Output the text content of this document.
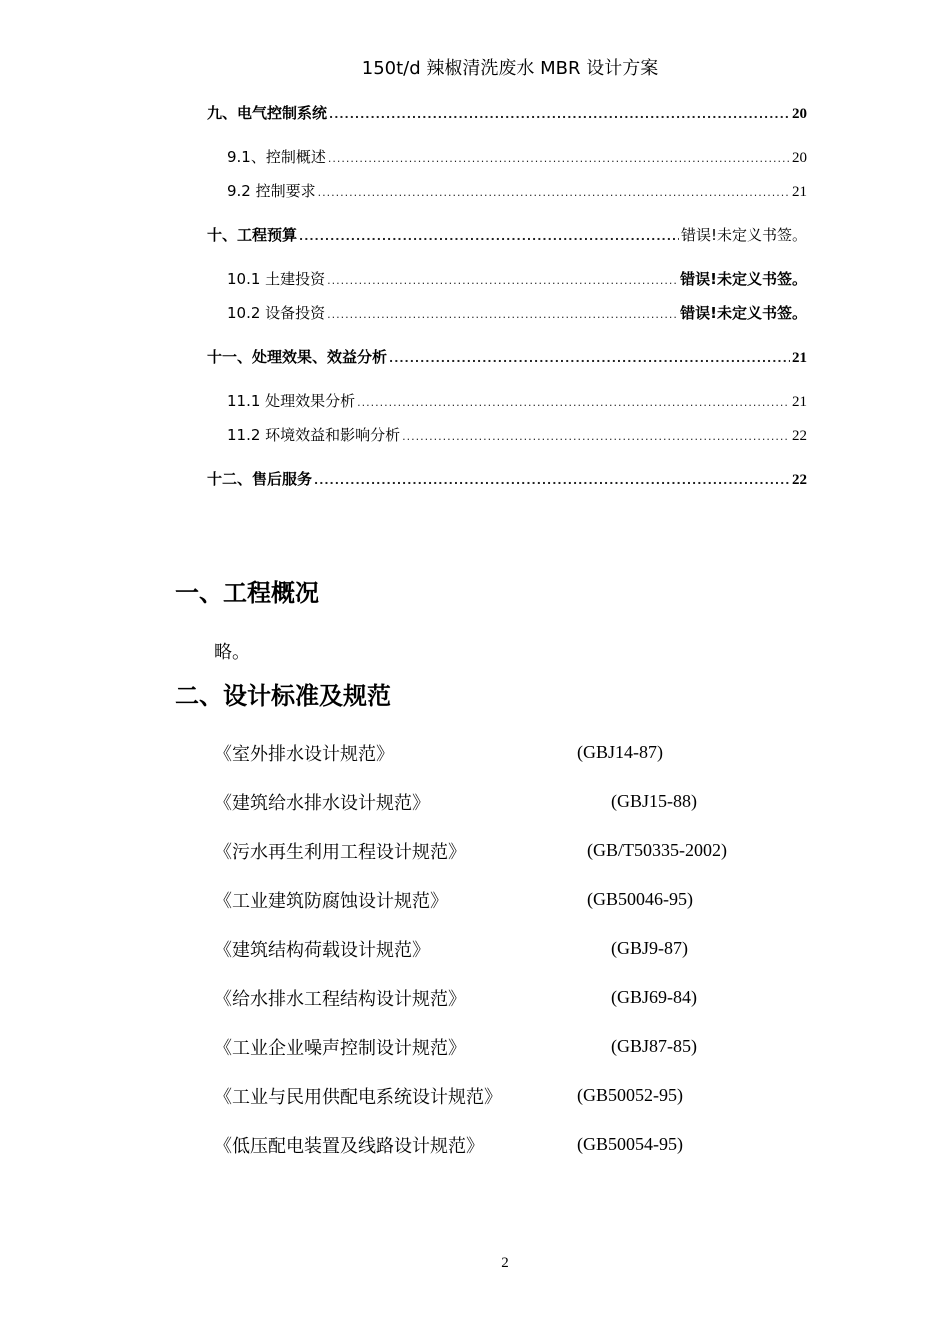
150t/d 辣椒清洗废水 MBR 设计方案
九、电气控制系统 .....	20
9.1、控制概述 .....	20
9.2 控制要求 .....	21
十、工程预算 .....	错误!未定义书签。
10.1 土建投资 .....	错误!未定义书签。
10.2 设备投资 .....	错误!未定义书签。
十一、处理效果、效益分析 .....	21
11.1 处理效果分析 .....	21
11.2 环境效益和影响分析 .....	22
十二、售后服务 .....	22
一、工程概况
略。
二、设计标准及规范
《室外排水设计规范》	(GBJ14-87)
《建筑给水排水设计规范》	(GBJ15-88)
《污水再生利用工程设计规范》	(GB/T50335-2002)
《工业建筑防腐蚀设计规范》	(GB50046-95)
《建筑结构荷载设计规范》	(GBJ9-87)
《给水排水工程结构设计规范》	(GBJ69-84)
《工业企业噪声控制设计规范》	(GBJ87-85)
《工业与民用供配电系统设计规范》	(GB50052-95)
《低压配电装置及线路设计规范》	(GB50054-95)
2
